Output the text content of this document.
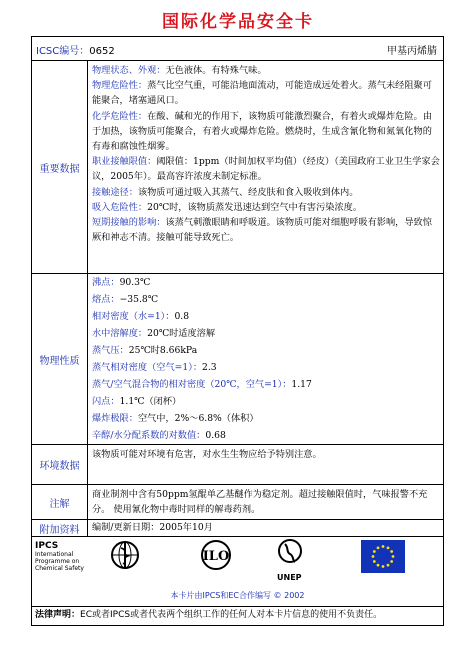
国际化学品安全卡
ICSC编号：0652	甲基丙烯腈
重要数据
物理状态、外观：无色液体。有特殊气味。
物理危险性：蒸气比空气重，可能沿地面流动，可能造成远处着火。蒸气未经阻聚可能聚合，堵塞通风口。
化学危险性：在酸、碱和光的作用下，该物质可能激烈聚合，有着火或爆炸危险。由于加热，该物质可能聚合，有着火或爆炸危险。燃烧时，生成含氰化物和氮氧化物的有毒和腐蚀性烟雾。
职业接触限值：阈限值：1ppm（时间加权平均值）（经皮）（美国政府工业卫生学家会议，2005年）。最高容许浓度未制定标准。
接触途径：该物质可通过吸入其蒸气、经皮肤和食入吸收到体内。
吸入危险性：20℃时，该物质蒸发迅速达到空气中有害污染浓度。
短期接触的影响：该蒸气刺激眼睛和呼吸道。该物质可能对细胞呼吸有影响，导致惊厥和神志不清。接触可能导致死亡。
物理性质
沸点：90.3℃
熔点：−35.8℃
相对密度（水=1）：0.8
水中溶解度：20℃时适度溶解
蒸气压：25℃时8.66kPa
蒸气相对密度（空气=1）：2.3
蒸气/空气混合物的相对密度（20℃，空气=1）：1.17
闪点：1.1℃（闭杯）
爆炸极限：空气中，2%～6.8%（体积）
辛醇/水分配系数的对数值：0.68
环境数据
该物质可能对环境有危害，对水生生物应给予特别注意。
注解
商业制剂中含有50ppm氢醌单乙基醚作为稳定剂。超过接触限值时，气味报警不充分。 使用氰化物中毒时同样的解毒药剂。
IPCS
International
Programme on
Chemical Safety
ILO
UNEP
本卡片由IPCS和EC合作编写 © 2002
法律声明：EC或者IPCS或者代表两个组织工作的任何人对本卡片信息的使用不负责任。
附加资料	编制/更新日期：2005年10月
